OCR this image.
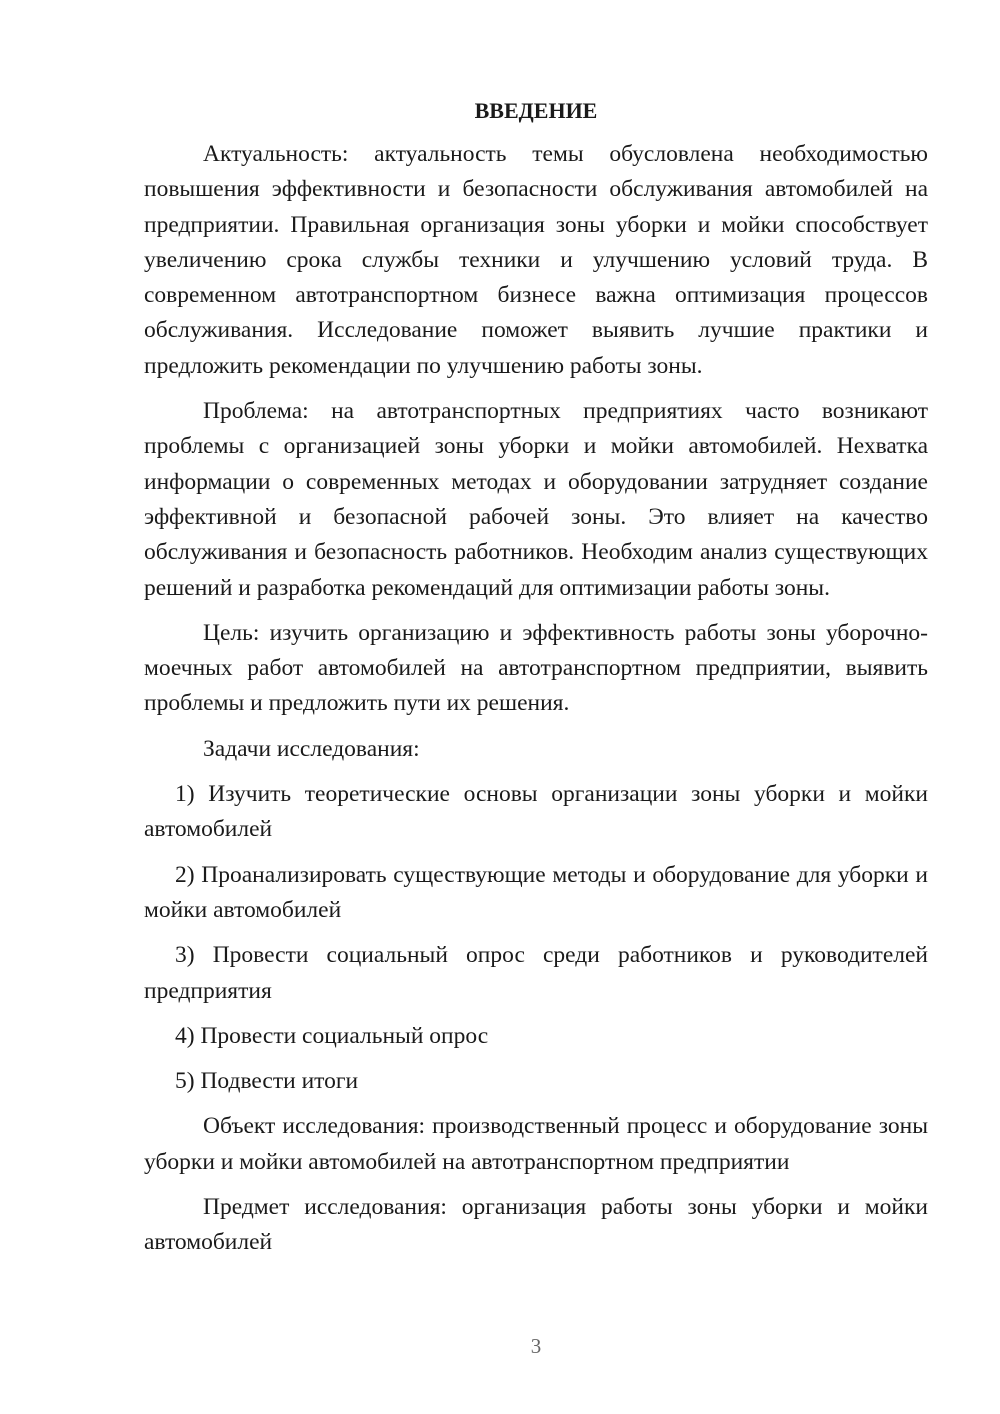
ВВЕДЕНИЕ

Актуальность: актуальность темы обусловлена необходимостью повышения эффективности и безопасности обслуживания автомобилей на предприятии. Правильная организация зоны уборки и мойки способствует увеличению срока службы техники и улучшению условий труда. В современном автотранспортном бизнесе важна оптимизация процессов обслуживания. Исследование поможет выявить лучшие практики и предложить рекомендации по улучшению работы зоны.

Проблема: на автотранспортных предприятиях часто возникают проблемы с организацией зоны уборки и мойки автомобилей. Нехватка информации о современных методах и оборудовании затрудняет создание эффективной и безопасной рабочей зоны. Это влияет на качество обслуживания и безопасность работников. Необходим анализ существующих решений и разработка рекомендаций для оптимизации работы зоны.

Цель: изучить организацию и эффективность работы зоны уборочно-моечных работ автомобилей на автотранспортном предприятии, выявить проблемы и предложить пути их решения.

Задачи исследования:

1) Изучить теоретические основы организации зоны уборки и мойки автомобилей

2) Проанализировать существующие методы и оборудование для уборки и мойки автомобилей

3) Провести социальный опрос среди работников и руководителей предприятия

4) Провести социальный опрос

5) Подвести итоги

Объект исследования: производственный процесс и оборудование зоны уборки и мойки автомобилей на автотранспортном предприятии

Предмет исследования: организация работы зоны уборки и мойки автомобилей

3
